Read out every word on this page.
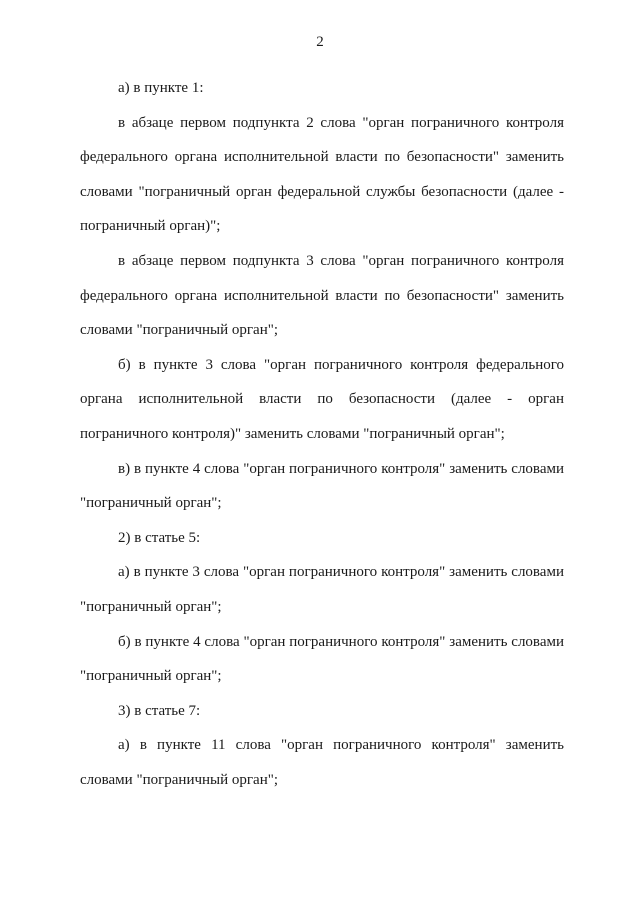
2

а) в пункте 1:

в абзаце первом подпункта 2 слова "орган пограничного контроля федерального органа исполнительной власти по безопасности" заменить словами "пограничный орган федеральной службы безопасности (далее - пограничный орган)";

в абзаце первом подпункта 3 слова "орган пограничного контроля федерального органа исполнительной власти по безопасности" заменить словами "пограничный орган";

б) в пункте 3 слова "орган пограничного контроля федерального органа исполнительной власти по безопасности (далее - орган пограничного контроля)" заменить словами "пограничный орган";

в) в пункте 4 слова "орган пограничного контроля" заменить словами "пограничный орган";

2) в статье 5:

а) в пункте 3 слова "орган пограничного контроля" заменить словами "пограничный орган";

б) в пункте 4 слова "орган пограничного контроля" заменить словами "пограничный орган";

3) в статье 7:

а) в пункте 11 слова "орган пограничного контроля" заменить словами "пограничный орган";
